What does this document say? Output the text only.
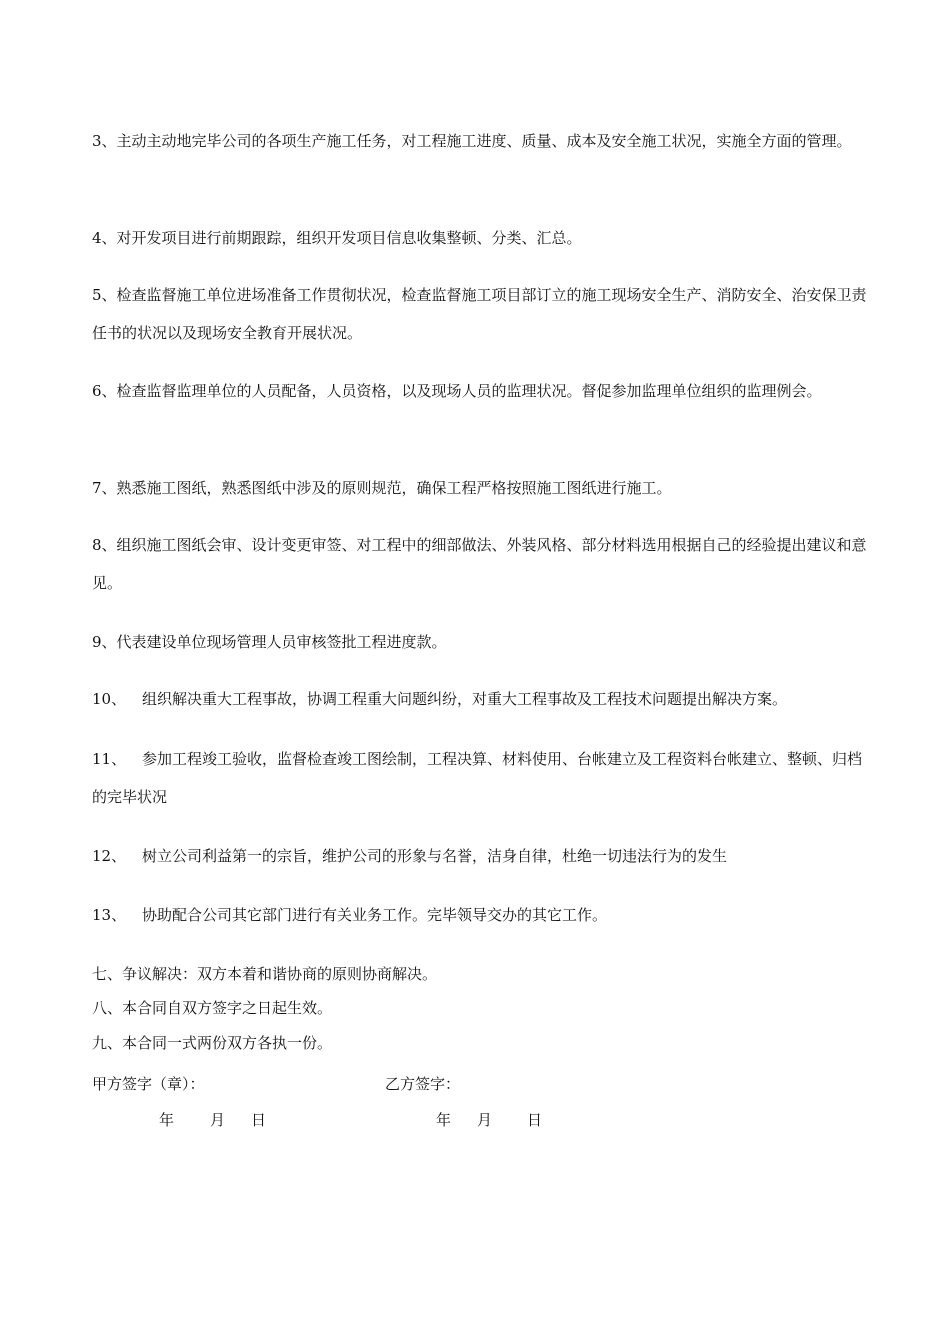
3、主动主动地完毕公司的各项生产施工任务，对工程施工进度、质量、成本及安全施工状况，实施全方面的管理。
4、对开发项目进行前期跟踪，组织开发项目信息收集整顿、分类、汇总。
5、检查监督施工单位进场准备工作贯彻状况，检查监督施工项目部订立的施工现场安全生产、消防安全、治安保卫责任书的状况以及现场安全教育开展状况。
6、检查监督监理单位的人员配备，人员资格，以及现场人员的监理状况。督促参加监理单位组织的监理例会。
7、熟悉施工图纸，熟悉图纸中涉及的原则规范，确保工程严格按照施工图纸进行施工。
8、组织施工图纸会审、设计变更审签、对工程中的细部做法、外装风格、部分材料选用根据自己的经验提出建议和意见。
9、代表建设单位现场管理人员审核签批工程进度款。
10、 组织解决重大工程事故，协调工程重大问题纠纷，对重大工程事故及工程技术问题提出解决方案。
11、 参加工程竣工验收，监督检查竣工图绘制，工程决算、材料使用、台帐建立及工程资料台帐建立、整顿、归档的完毕状况
12、 树立公司利益第一的宗旨，维护公司的形象与名誉，洁身自律，杜绝一切违法行为的发生
13、 协助配合公司其它部门进行有关业务工作。完毕领导交办的其它工作。
七、争议解决：双方本着和谐协商的原则协商解决。
八、本合同自双方签字之日起生效。
九、本合同一式两份双方各执一份。
甲方签字（章）：	乙方签字：
年 月 日	年 月 日
